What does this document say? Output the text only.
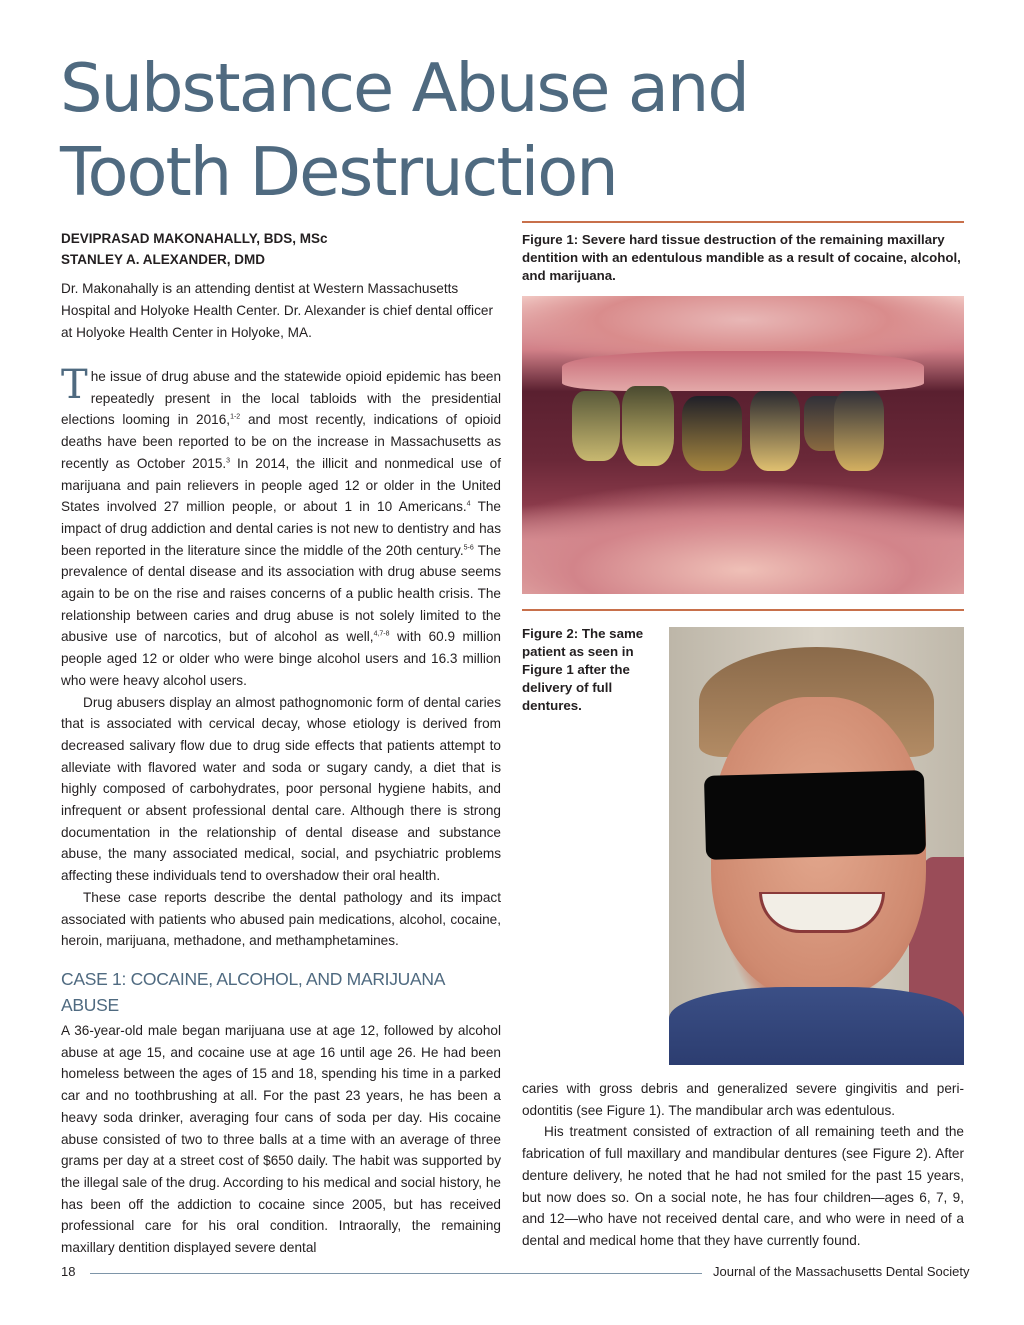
Substance Abuse and
Tooth Destruction
DEVIPRASAD MAKONAHALLY, BDS, MSc
STANLEY A. ALEXANDER, DMD

Dr. Makonahally is an attending dentist at Western Massachusetts Hospital and Holyoke Health Center. Dr. Alexander is chief dental officer at Holyoke Health Center in Holyoke, MA.

The issue of drug abuse and the statewide opioid epidemic has been repeatedly present in the local tabloids with the presidential elections looming in 2016,$^{1-2}$ and most recently, indications of opioid deaths have been reported to be on the increase in Massachusetts as recently as October 2015.$^3$ In 2014, the illicit and nonmedical use of marijuana and pain relievers in people aged 12 or older in the United States involved 27 million people, or about 1 in 10 Americans.$^4$ The impact of drug addiction and dental caries is not new to dentistry and has been reported in the literature since the middle of the 20th century.$^{5-6}$ The prevalence of dental disease and its association with drug abuse seems again to be on the rise and raises concerns of a public health crisis. The relationship between caries and drug abuse is not solely limited to the abusive use of narcotics, but of alcohol as well,$^{4,7-8}$ with 60.9 million people aged 12 or older who were binge alcohol users and 16.3 million who were heavy alcohol users.

Drug abusers display an almost pathognomonic form of dental caries that is associated with cervical decay, whose etiology is derived from decreased salivary flow due to drug side effects that patients attempt to alleviate with flavored water and soda or sugary candy, a diet that is highly composed of carbohydrates, poor personal hygiene habits, and infrequent or absent professional dental care. Although there is strong documentation in the relationship of dental disease and substance abuse, the many associated medical, social, and psychiatric problems affecting these individuals tend to overshadow their oral health.

These case reports describe the dental pathology and its impact associated with patients who abused pain medications, alcohol, cocaine, heroin, marijuana, methadone, and methamphetamines.

CASE 1: COCAINE, ALCOHOL, AND MARIJUANA ABUSE

A 36-year-old male began marijuana use at age 12, followed by alcohol abuse at age 15, and cocaine use at age 16 until age 26. He had been homeless between the ages of 15 and 18, spending his time in a parked car and no toothbrushing at all. For the past 23 years, he has been a heavy soda drinker, averaging four cans of soda per day. His cocaine abuse consisted of two to three balls at a time with an average of three grams per day at a street cost of $650 daily. The habit was supported by the illegal sale of the drug. According to his medical and social history, he has been off the addiction to cocaine since 2005, but has received professional care for his oral condition. Intraorally, the remaining maxillary dentition displayed severe dental

Figure 1: Severe hard tissue destruction of the remaining maxillary dentition with an edentulous mandible as a result of cocaine, alcohol, and marijuana.

Figure 2: The same patient as seen in Figure 1 after the delivery of full dentures.

caries with gross debris and generalized severe gingivitis and peri-odontitis (see Figure 1). The mandibular arch was edentulous.

His treatment consisted of extraction of all remaining teeth and the fabrication of full maxillary and mandibular dentures (see Figure 2). After denture delivery, he noted that he had not smiled for the past 15 years, but now does so. On a social note, he has four children—ages 6, 7, 9, and 12—who have not received dental care, and who were in need of a dental and medical home that they have currently found.

18	Journal of the Massachusetts Dental Society
